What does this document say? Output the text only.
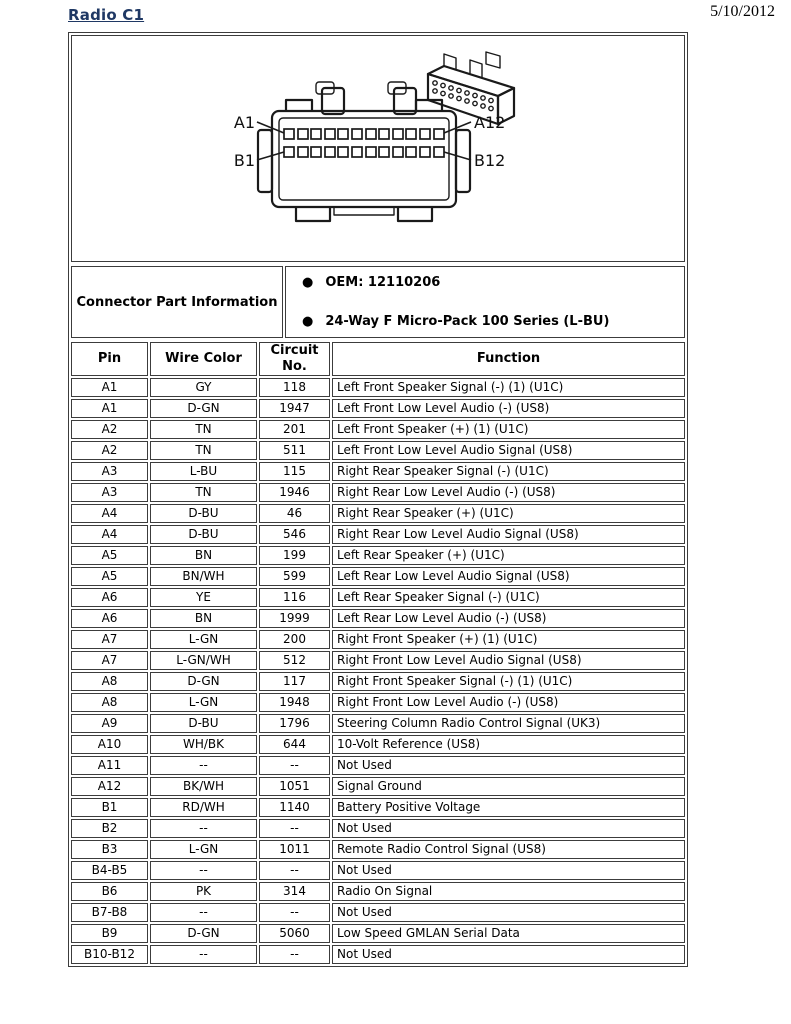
Radio C1	5/10/2012
A1	A12
B1	B12
Connector Part Information	
● OEM: 12110206
● 24-Way F Micro-Pack 100 Series (L-BU)
Pin	Wire Color	Circuit No.	Function
A1	GY	118	Left Front Speaker Signal (-) (1) (U1C)
A1	D-GN	1947	Left Front Low Level Audio (-) (US8)
A2	TN	201	Left Front Speaker (+) (1) (U1C)
A2	TN	511	Left Front Low Level Audio Signal (US8)
A3	L-BU	115	Right Rear Speaker Signal (-) (U1C)
A3	TN	1946	Right Rear Low Level Audio (-) (US8)
A4	D-BU	46	Right Rear Speaker (+) (U1C)
A4	D-BU	546	Right Rear Low Level Audio Signal (US8)
A5	BN	199	Left Rear Speaker (+) (U1C)
A5	BN/WH	599	Left Rear Low Level Audio Signal (US8)
A6	YE	116	Left Rear Speaker Signal (-) (U1C)
A6	BN	1999	Left Rear Low Level Audio (-) (US8)
A7	L-GN	200	Right Front Speaker (+) (1) (U1C)
A7	L-GN/WH	512	Right Front Low Level Audio Signal (US8)
A8	D-GN	117	Right Front Speaker Signal (-) (1) (U1C)
A8	L-GN	1948	Right Front Low Level Audio (-) (US8)
A9	D-BU	1796	Steering Column Radio Control Signal (UK3)
A10	WH/BK	644	10-Volt Reference (US8)
A11	--	--	Not Used
A12	BK/WH	1051	Signal Ground
B1	RD/WH	1140	Battery Positive Voltage
B2	--	--	Not Used
B3	L-GN	1011	Remote Radio Control Signal (US8)
B4-B5	--	--	Not Used
B6	PK	314	Radio On Signal
B7-B8	--	--	Not Used
B9	D-GN	5060	Low Speed GMLAN Serial Data
B10-B12	--	--	Not Used
